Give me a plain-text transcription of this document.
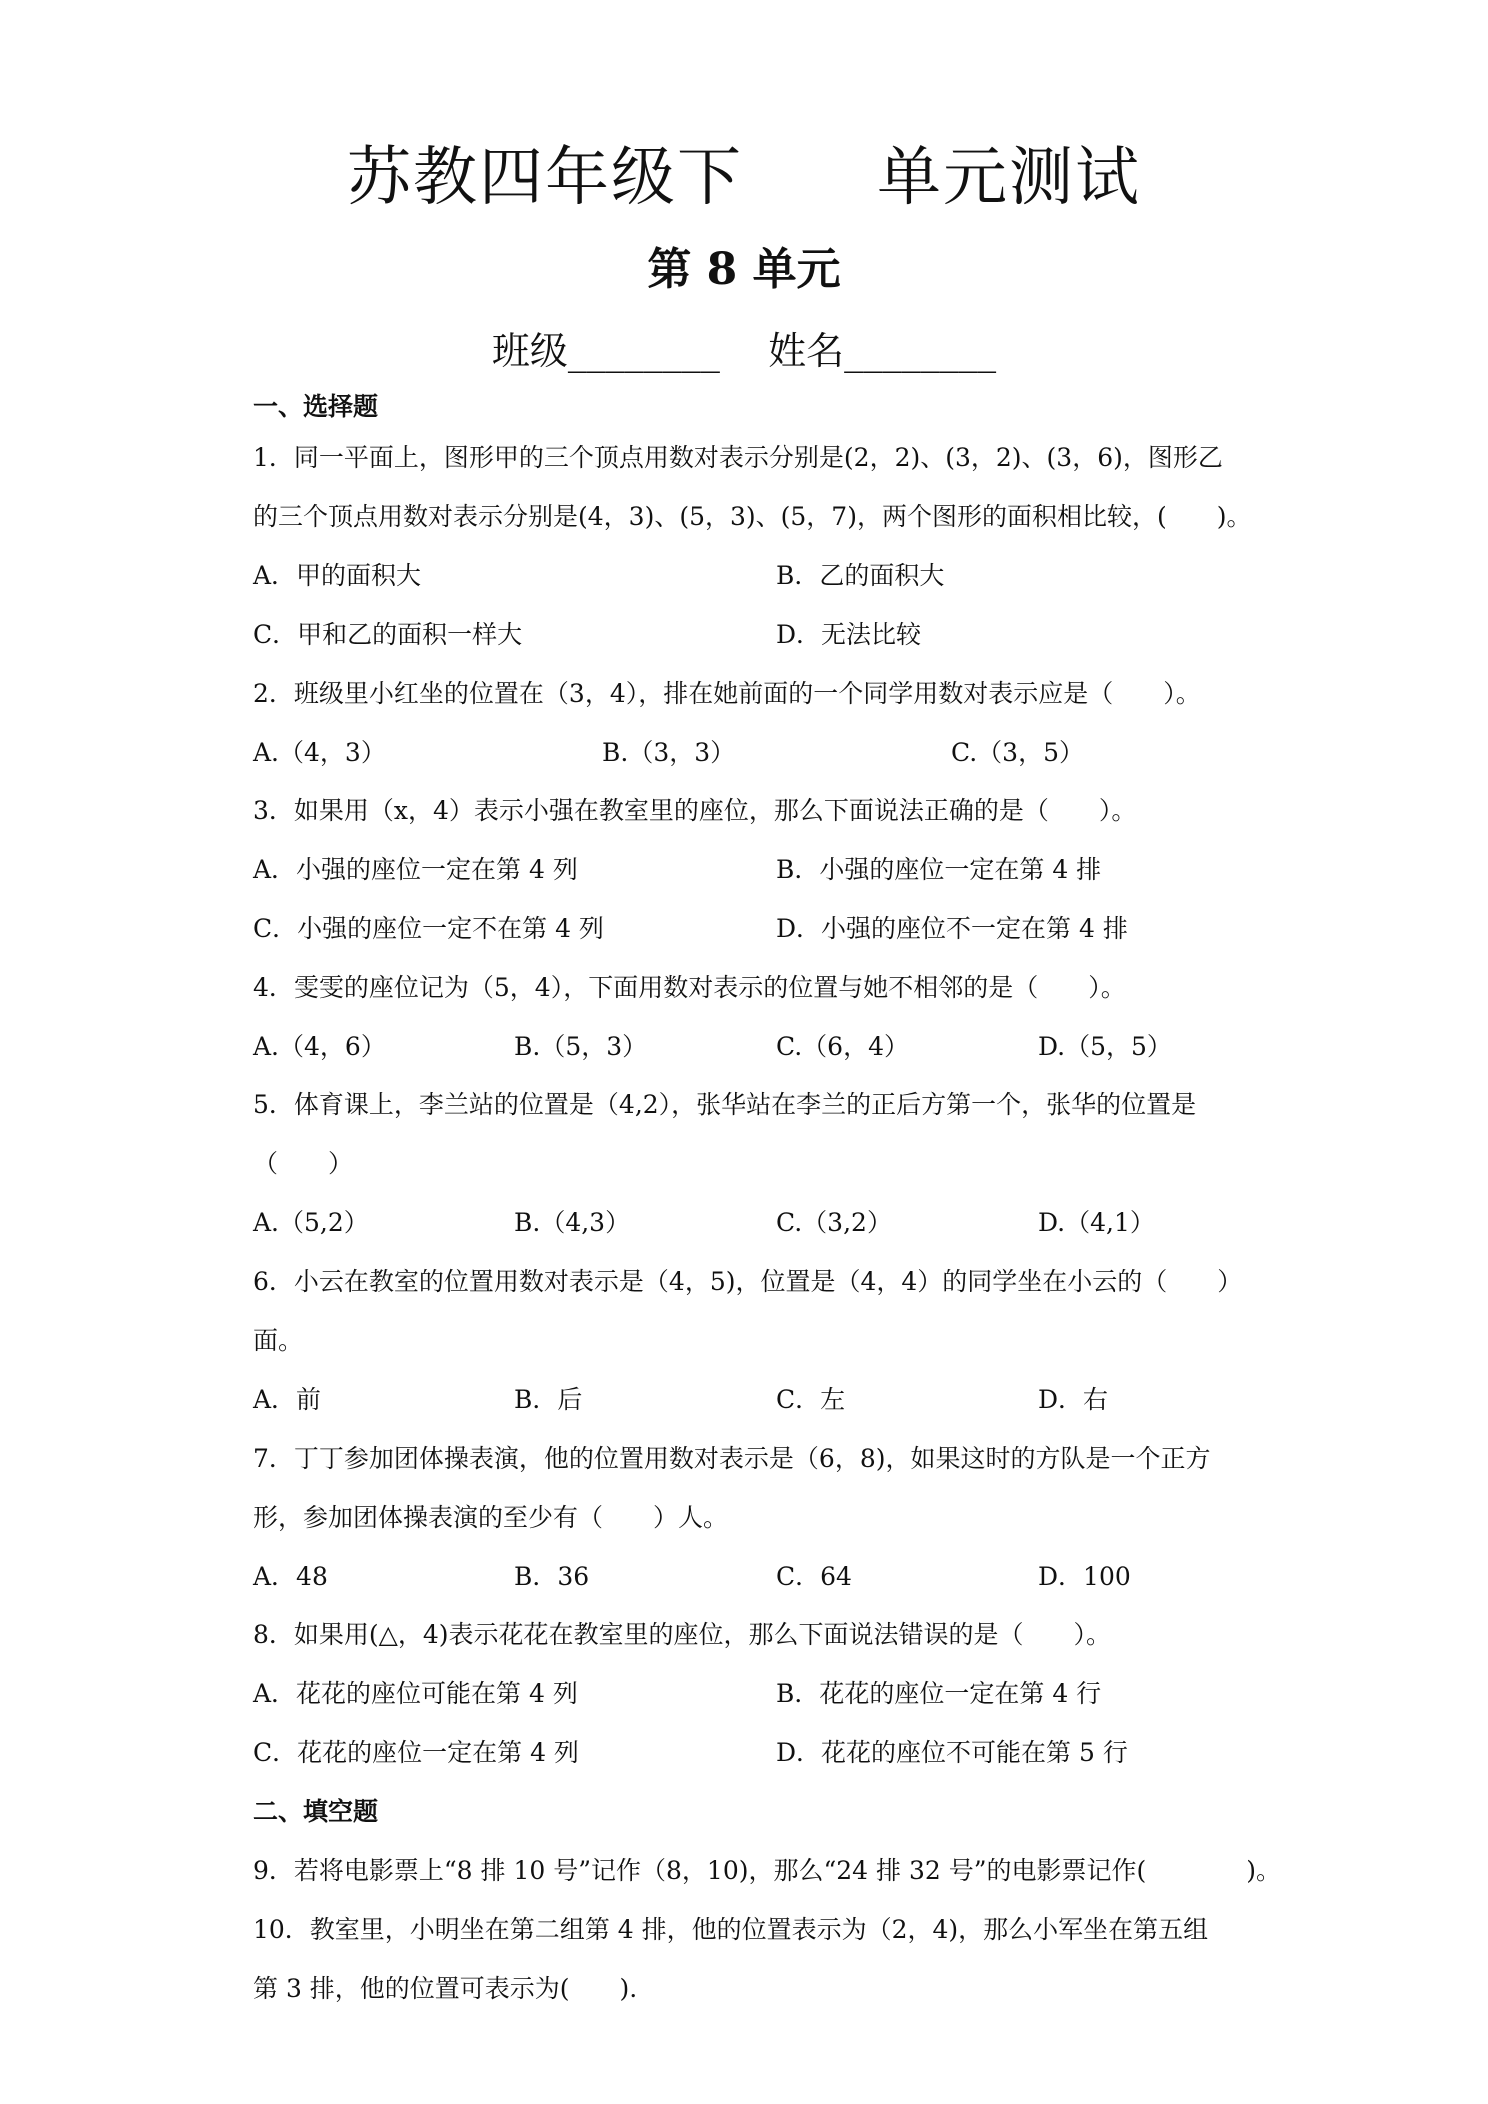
苏教四年级下      单元测试
第 8 单元
班级________    姓名________
一、选择题
1．同一平面上，图形甲的三个顶点用数对表示分别是(2，2)、(3，2)、(3，6)，图形乙
的三个顶点用数对表示分别是(4，3)、(5，3)、(5，7)，两个图形的面积相比较，(　　)。
A．甲的面积大	B．乙的面积大
C．甲和乙的面积一样大	D．无法比较
2．班级里小红坐的位置在（3，4），排在她前面的一个同学用数对表示应是（　　）。
A.（4，3）	B.（3，3）	C.（3，5）
3．如果用（x，4）表示小强在教室里的座位，那么下面说法正确的是（　　）。
A．小强的座位一定在第 4 列	B．小强的座位一定在第 4 排
C．小强的座位一定不在第 4 列	D．小强的座位不一定在第 4 排
4．雯雯的座位记为（5，4），下面用数对表示的位置与她不相邻的是（　　）。
A.（4，6）	B.（5，3）	C.（6，4）	D.（5，5）
5．体育课上，李兰站的位置是（4,2），张华站在李兰的正后方第一个，张华的位置是
（　　）
A.（5,2）	B.（4,3）	C.（3,2）	D.（4,1）
6．小云在教室的位置用数对表示是（4，5)，位置是（4，4）的同学坐在小云的（　　）
面。
A．前	B．后	C．左	D．右
7．丁丁参加团体操表演，他的位置用数对表示是（6，8)，如果这时的方队是一个正方
形，参加团体操表演的至少有（　　）人。
A．48	B．36	C．64	D．100
8．如果用(△，4)表示花花在教室里的座位，那么下面说法错误的是（　　）。
A．花花的座位可能在第 4 列	B．花花的座位一定在第 4 行
C．花花的座位一定在第 4 列	D．花花的座位不可能在第 5 行
二、填空题
9．若将电影票上“8 排 10 号”记作（8，10)，那么“24 排 32 号”的电影票记作(　　　　)。
10．教室里，小明坐在第二组第 4 排，他的位置表示为（2，4)，那么小军坐在第五组
第 3 排，他的位置可表示为(　　).
